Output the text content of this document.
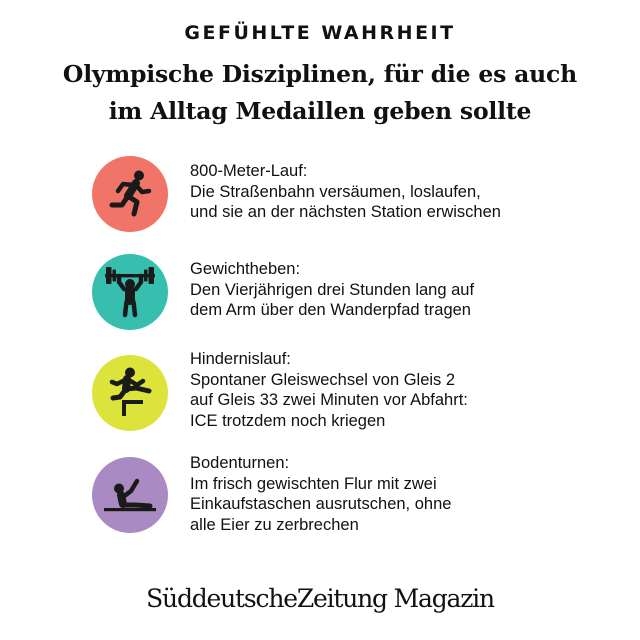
GEFÜHLTE WAHRHEIT
Olympische Disziplinen, für die es auch
im Alltag Medaillen geben sollte
800-Meter-Lauf:
Die Straßenbahn versäumen, loslaufen,
und sie an der nächsten Station erwischen
Gewichtheben:
Den Vierjährigen drei Stunden lang auf
dem Arm über den Wanderpfad tragen
Hindernislauf:
Spontaner Gleiswechsel von Gleis 2
auf Gleis 33 zwei Minuten vor Abfahrt:
ICE trotzdem noch kriegen
Bodenturnen:
Im frisch gewischten Flur mit zwei
Einkaufstaschen ausrutschen, ohne
alle Eier zu zerbrechen
SüddeutscheZeitung Magazin
